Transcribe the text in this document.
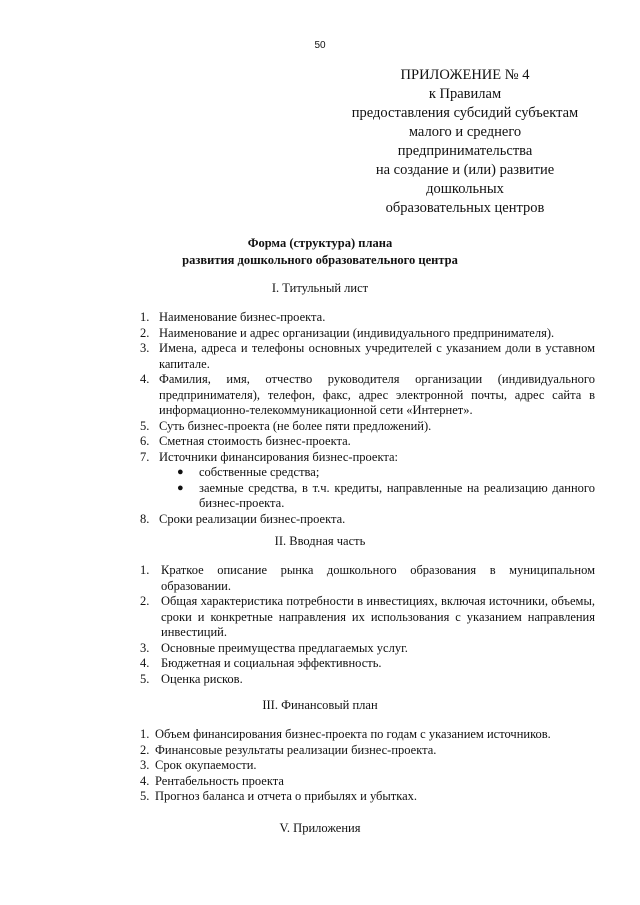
50
ПРИЛОЖЕНИЕ № 4
к Правилам
предоставления субсидий субъектам
малого и среднего
предпринимательства
на создание и (или) развитие
дошкольных
образовательных центров
Форма (структура) плана
развития дошкольного образовательного центра
I. Титульный лист
1. Наименование бизнес-проекта.
2. Наименование и адрес организации (индивидуального предпринимателя).
3. Имена, адреса и телефоны основных учредителей с указанием доли в уставном капитале.
4. Фамилия, имя, отчество руководителя организации (индивидуального предпринимателя), телефон, факс, адрес электронной почты, адрес сайта в информационно-телекоммуникационной сети «Интернет».
5. Суть бизнес-проекта (не более пяти предложений).
6. Сметная стоимость бизнес-проекта.
7. Источники финансирования бизнес-проекта:
● собственные средства;
● заемные средства, в т.ч. кредиты, направленные на реализацию данного бизнес-проекта.
8. Сроки реализации бизнес-проекта.
II. Вводная часть
1. Краткое описание рынка дошкольного образования в муниципальном образовании.
2. Общая характеристика потребности в инвестициях, включая источники, объемы, сроки и конкретные направления их использования с указанием направления инвестиций.
3. Основные преимущества предлагаемых услуг.
4. Бюджетная и социальная эффективность.
5. Оценка рисков.
III. Финансовый план
1. Объем финансирования бизнес-проекта по годам с указанием источников.
2. Финансовые результаты реализации бизнес-проекта.
3. Срок окупаемости.
4. Рентабельность проекта
5. Прогноз баланса и отчета о прибылях и убытках.
V. Приложения
